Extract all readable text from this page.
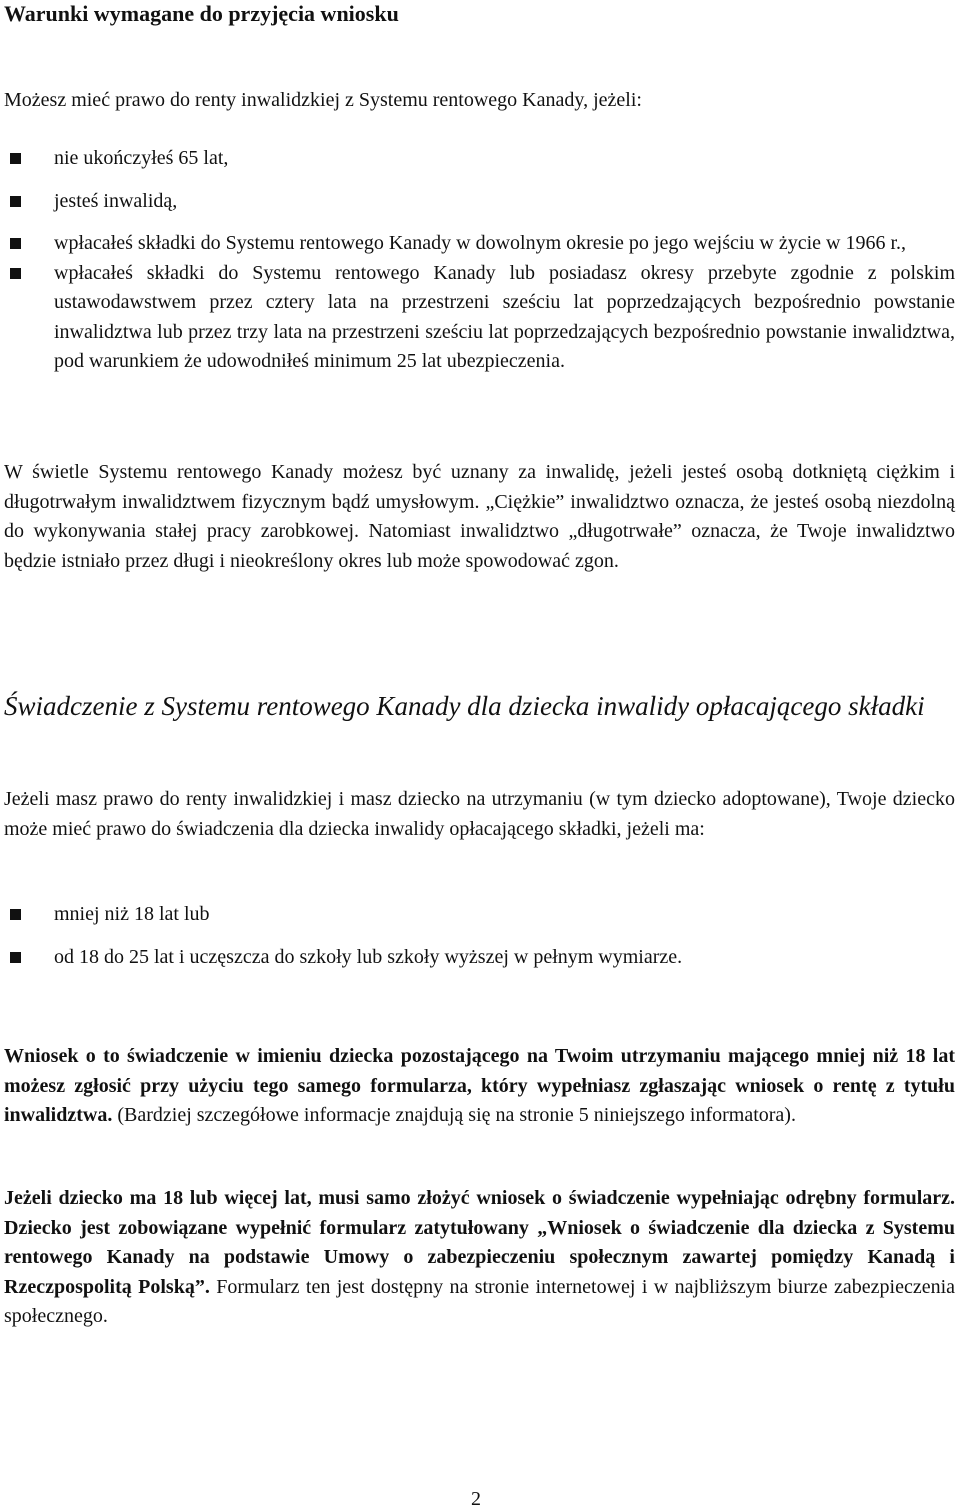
Warunki wymagane do przyjęcia wniosku

Możesz mieć prawo do renty inwalidzkiej z Systemu rentowego Kanady, jeżeli:

nie ukończyłeś 65 lat,
jesteś inwalidą,
wpłacałeś składki do Systemu rentowego Kanady w dowolnym okresie po jego wejściu w życie w 1966 r.,
wpłacałeś składki do Systemu rentowego Kanady lub posiadasz okresy przebyte zgodnie z polskim ustawodawstwem przez cztery lata na przestrzeni sześciu lat poprzedzających bezpośrednio powstanie inwalidztwa lub przez trzy lata na przestrzeni sześciu lat poprzedzających bezpośrednio powstanie inwalidztwa, pod warunkiem że udowodniłeś minimum 25 lat ubezpieczenia.

W świetle Systemu rentowego Kanady możesz być uznany za inwalidę, jeżeli jesteś osobą dotkniętą ciężkim i długotrwałym inwalidztwem fizycznym bądź umysłowym. „Ciężkie” inwalidztwo oznacza, że jesteś osobą niezdolną do wykonywania stałej pracy zarobkowej. Natomiast inwalidztwo „długotrwałe” oznacza, że Twoje inwalidztwo będzie istniało przez długi i nieokreślony okres lub może spowodować zgon.

Świadczenie z Systemu rentowego Kanady dla dziecka inwalidy opłacającego składki

Jeżeli masz prawo do renty inwalidzkiej i masz dziecko na utrzymaniu (w tym dziecko adoptowane), Twoje dziecko może mieć prawo do świadczenia dla dziecka inwalidy opłacającego składki, jeżeli ma:

mniej niż 18 lat lub
od 18 do 25 lat i uczęszcza do szkoły lub szkoły wyższej w pełnym wymiarze.

Wniosek o to świadczenie w imieniu dziecka pozostającego na Twoim utrzymaniu mającego mniej niż 18 lat możesz zgłosić przy użyciu tego samego formularza, który wypełniasz zgłaszając wniosek o rentę z tytułu inwalidztwa. (Bardziej szczegółowe informacje znajdują się na stronie 5 niniejszego informatora).

Jeżeli dziecko ma 18 lub więcej lat, musi samo złożyć wniosek o świadczenie wypełniając odrębny formularz. Dziecko jest zobowiązane wypełnić formularz zatytułowany „Wniosek o świadczenie dla dziecka z Systemu rentowego Kanady na podstawie Umowy o zabezpieczeniu społecznym zawartej pomiędzy Kanadą i Rzeczpospolitą Polską”. Formularz ten jest dostępny na stronie internetowej i w najbliższym biurze zabezpieczenia społecznego.

2
